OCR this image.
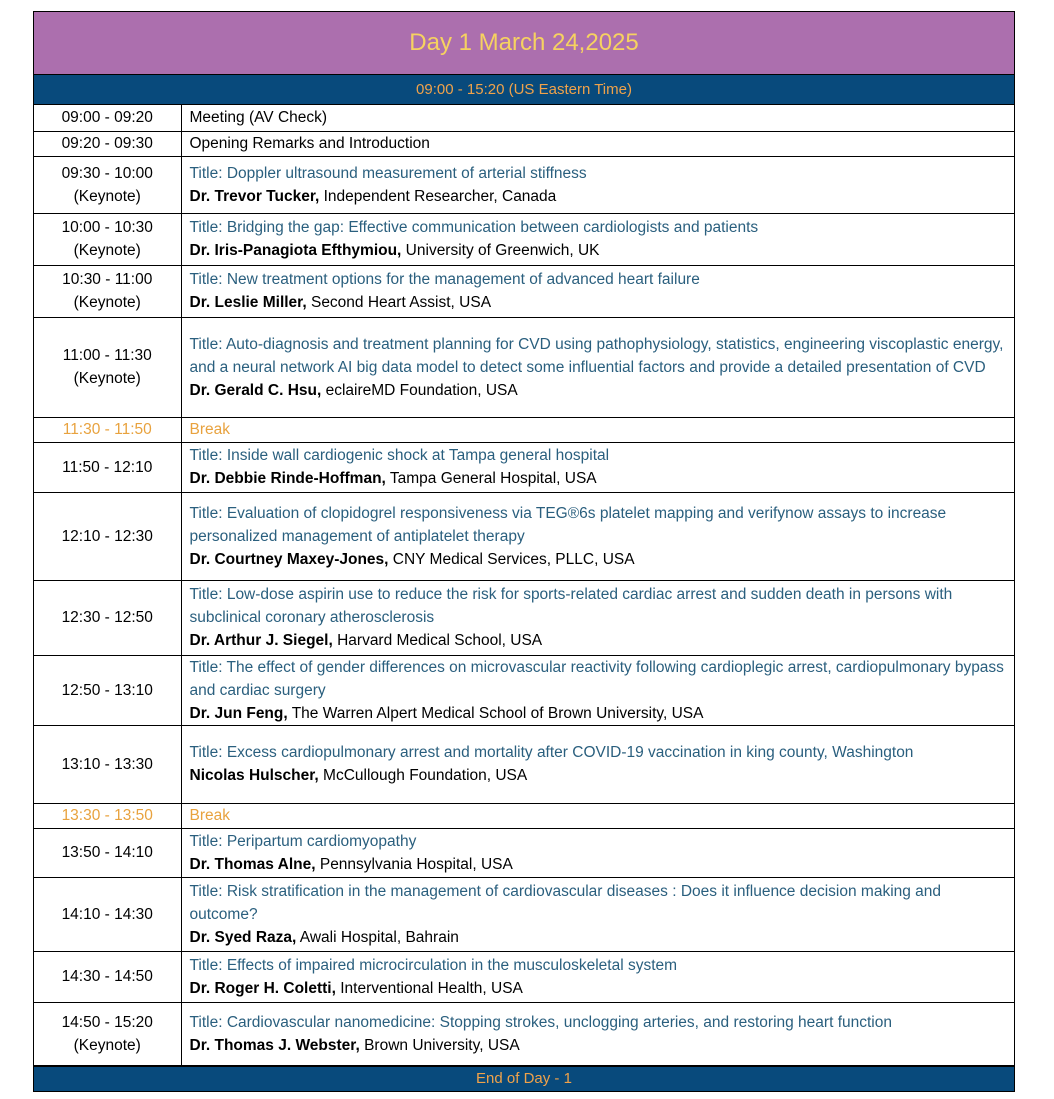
Day 1 March 24,2025
09:00 - 15:20 (US Eastern Time)
09:00 - 09:20	Meeting (AV Check)
09:20 - 09:30	Opening Remarks and Introduction
09:30 - 10:00
(Keynote)	Title: Doppler ultrasound measurement of arterial stiffness
Dr. Trevor Tucker, Independent Researcher, Canada

10:00 - 10:30
(Keynote)	Title: Bridging the gap: Effective communication between cardiologists and patients
Dr. Iris-Panagiota Efthymiou, University of Greenwich, UK

10:30 - 11:00
(Keynote)	Title: New treatment options for the management of advanced heart failure
Dr. Leslie Miller, Second Heart Assist, USA

11:00 - 11:30
(Keynote)	Title: Auto-diagnosis and treatment planning for CVD using pathophysiology, statistics, engineering viscoplastic energy, and a neural network AI big data model to detect some influential factors and provide a detailed presentation of CVD
Dr. Gerald C. Hsu, eclaireMD Foundation, USA

11:30 - 11:50	Break
11:50 - 12:10	Title: Inside wall cardiogenic shock at Tampa general hospital
Dr. Debbie Rinde-Hoffman, Tampa General Hospital, USA

12:10 - 12:30	Title: Evaluation of clopidogrel responsiveness via TEG®6s platelet mapping and verifynow assays to increase personalized management of antiplatelet therapy
Dr. Courtney Maxey-Jones, CNY Medical Services, PLLC, USA

12:30 - 12:50	Title: Low-dose aspirin use to reduce the risk for sports-related cardiac arrest and sudden death in persons with subclinical coronary atherosclerosis
Dr. Arthur J. Siegel, Harvard Medical School, USA

12:50 - 13:10	Title: The effect of gender differences on microvascular reactivity following cardioplegic arrest, cardiopulmonary bypass and cardiac surgery
Dr. Jun Feng, The Warren Alpert Medical School of Brown University, USA

13:10 - 13:30	Title: Excess cardiopulmonary arrest and mortality after COVID-19 vaccination in king county, Washington
Nicolas Hulscher, McCullough Foundation, USA

13:30 - 13:50	Break
13:50 - 14:10	Title: Peripartum cardiomyopathy
Dr. Thomas Alne, Pennsylvania Hospital, USA

14:10 - 14:30	Title: Risk stratification in the management of cardiovascular diseases : Does it influence decision making and outcome?
Dr. Syed Raza, Awali Hospital, Bahrain

14:30 - 14:50	Title: Effects of impaired microcirculation in the musculoskeletal system
Dr. Roger H. Coletti, Interventional Health, USA

14:50 - 15:20
(Keynote)	Title: Cardiovascular nanomedicine: Stopping strokes, unclogging arteries, and restoring heart function
Dr. Thomas J. Webster, Brown University, USA
End of Day - 1
